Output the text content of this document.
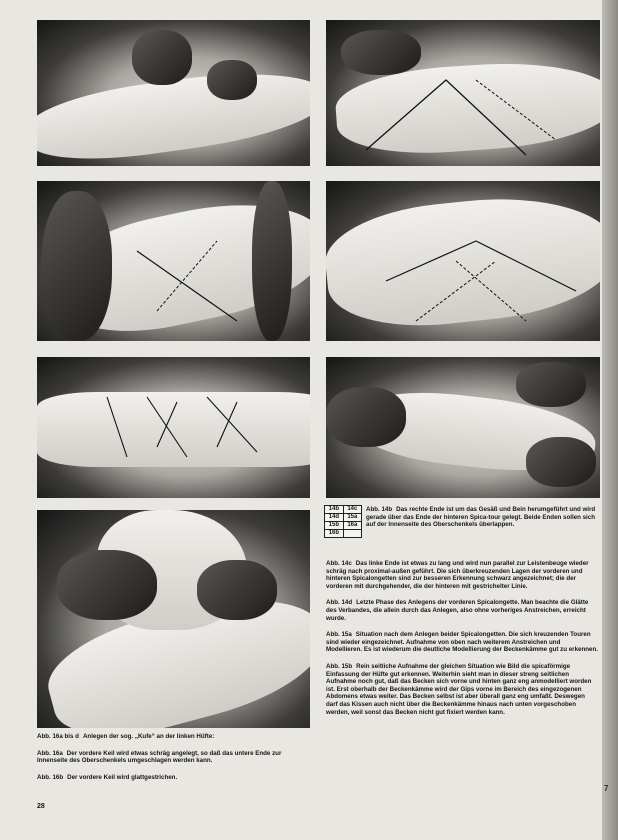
14b	14c
14d	15a
15b	16a
16b	

Abb. 14b Das rechte Ende ist um das Gesäß und Bein herumgeführt und wird gerade über das Ende der hinteren Spica-tour gelegt. Beide Enden sollen sich auf der Innenseite des Oberschenkels überlappen.

Abb. 14c Das linke Ende ist etwas zu lang und wird nun parallel zur Leistenbeuge wieder schräg nach proximal-außen geführt. Die sich überkreuzenden Lagen der vorderen und hinteren Spicalongetten sind zur besseren Erkennung schwarz angezeichnet; die der vorderen mit durchgehender, die der hinteren mit gestrichelter Linie.

Abb. 14d Letzte Phase des Anlegens der vorderen Spicalongette. Man beachte die Glätte des Verbandes, die allein durch das Anlegen, also ohne vorheriges Anstreichen, erreicht wurde.

Abb. 15a Situation nach dem Anlegen beider Spicalongetten. Die sich kreuzenden Touren sind wieder eingezeichnet. Aufnahme von oben nach weiterem Anstreichen und Modellieren. Es ist wiederum die deutliche Modellierung der Beckenkämme gut zu erkennen.

Abb. 15b Rein seitliche Aufnahme der gleichen Situation wie Bild die spicaförmige Einfassung der Hüfte gut erkennen. Weiterhin sieht man in dieser streng seitlichen Aufnahme noch gut, daß das Becken sich vorne und hinten ganz eng anmodelliert worden ist. Erst oberhalb der Beckenkämme wird der Gips vorne im Bereich des eingezogenen Abdomens etwas weiter. Das Becken selbst ist aber überall ganz eng umfaßt. Deswegen darf das Kissen auch nicht über die Beckenkämme hinaus nach unten vorgeschoben werden, weil sonst das Becken nicht gut fixiert werden kann.

Abb. 16a bis d Anlegen der sog. „Kufe“ an der linken Hüfte:

Abb. 16a Der vordere Keil wird etwas schräg angelegt, so daß das untere Ende zur Innenseite des Oberschenkels umgeschlagen werden kann.

Abb. 16b Der vordere Keil wird glattgestrichen.

28
7
